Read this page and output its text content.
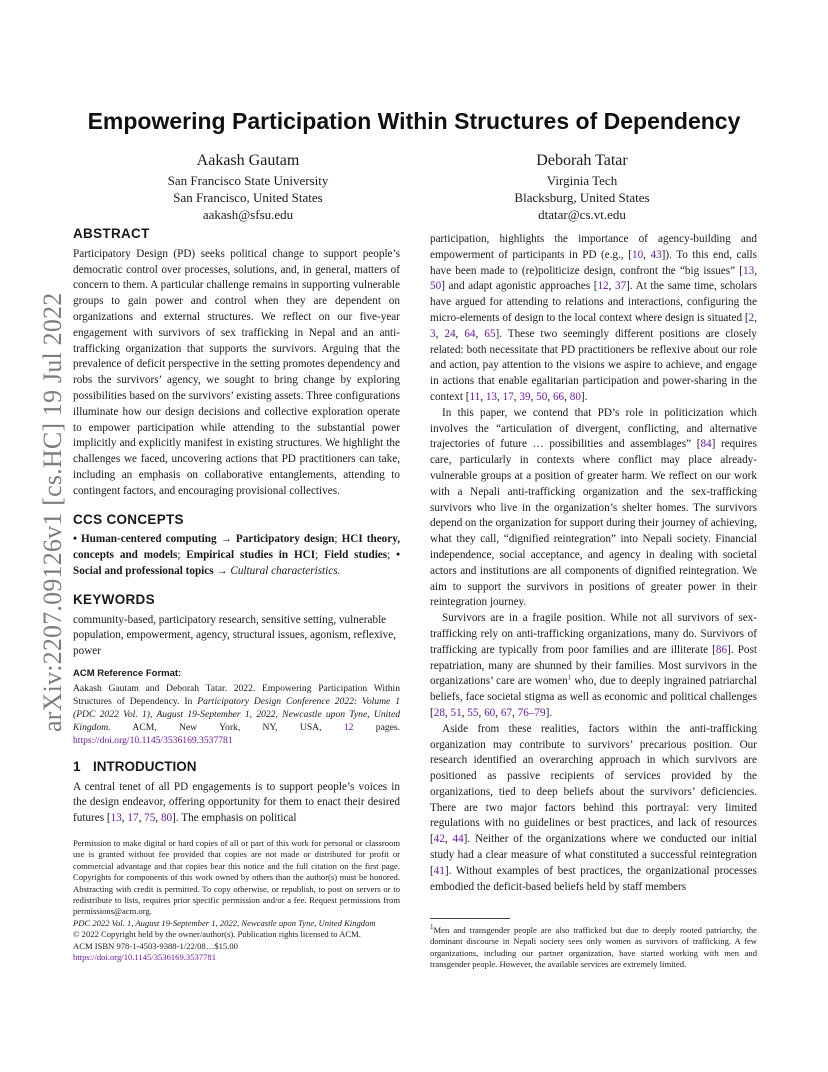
arXiv:2207.09126v1 [cs.HC] 19 Jul 2022
Empowering Participation Within Structures of Dependency
Aakash Gautam
San Francisco State University
San Francisco, United States
aakash@sfsu.edu
Deborah Tatar
Virginia Tech
Blacksburg, United States
dtatar@cs.vt.edu
ABSTRACT

Participatory Design (PD) seeks political change to support people’s democratic control over processes, solutions, and, in general, matters of concern to them. A particular challenge remains in supporting vulnerable groups to gain power and control when they are dependent on organizations and external structures. We reflect on our five-year engagement with survivors of sex trafficking in Nepal and an anti-trafficking organization that supports the survivors. Arguing that the prevalence of deficit perspective in the setting promotes dependency and robs the survivors’ agency, we sought to bring change by exploring possibilities based on the survivors’ existing assets. Three configurations illuminate how our design decisions and collective exploration operate to empower participation while attending to the substantial power implicitly and explicitly manifest in existing structures. We highlight the challenges we faced, uncovering actions that PD practitioners can take, including an emphasis on collaborative entanglements, attending to contingent factors, and encouraging provisional collectives.

CCS CONCEPTS

• Human-centered computing → Participatory design; HCI theory, concepts and models; Empirical studies in HCI; Field studies; • Social and professional topics → Cultural characteristics.

KEYWORDS

community-based, participatory research, sensitive setting, vulnerable population, empowerment, agency, structural issues, agonism, reflexive, power

ACM Reference Format:

Aakash Gautam and Deborah Tatar. 2022. Empowering Participation Within Structures of Dependency. In Participatory Design Conference 2022: Volume 1 (PDC 2022 Vol. 1), August 19-September 1, 2022, Newcastle upon Tyne, United Kingdom. ACM, New York, NY, USA, 12 pages. https://doi.org/10.1145/3536169.3537781

1 INTRODUCTION

A central tenet of all PD engagements is to support people’s voices in the design endeavor, offering opportunity for them to enact their desired futures [13, 17, 75, 80]. The emphasis on political

Permission to make digital or hard copies of all or part of this work for personal or classroom use is granted without fee provided that copies are not made or distributed for profit or commercial advantage and that copies bear this notice and the full citation on the first page. Copyrights for components of this work owned by others than the author(s) must be honored. Abstracting with credit is permitted. To copy otherwise, or republish, to post on servers or to redistribute to lists, requires prior specific permission and/or a fee. Request permissions from permissions@acm.org.

PDC 2022 Vol. 1, August 19-September 1, 2022, Newcastle upon Tyne, United Kingdom
© 2022 Copyright held by the owner/author(s). Publication rights licensed to ACM.
ACM ISBN 978-1-4503-9388-1/22/08…$15.00
https://doi.org/10.1145/3536169.3537781

participation, highlights the importance of agency-building and empowerment of participants in PD (e.g., [10, 43]). To this end, calls have been made to (re)politicize design, confront the “big issues” [13, 50] and adapt agonistic approaches [12, 37]. At the same time, scholars have argued for attending to relations and interactions, configuring the micro-elements of design to the local context where design is situated [2, 3, 24, 64, 65]. These two seemingly different positions are closely related: both necessitate that PD practitioners be reflexive about our role and action, pay attention to the visions we aspire to achieve, and engage in actions that enable egalitarian participation and power-sharing in the context [11, 13, 17, 39, 50, 66, 80].

In this paper, we contend that PD’s role in politicization which involves the “articulation of divergent, conflicting, and alternative trajectories of future … possibilities and assemblages” [84] requires care, particularly in contexts where conflict may place already-vulnerable groups at a position of greater harm. We reflect on our work with a Nepali anti-trafficking organization and the sex-trafficking survivors who live in the organization’s shelter homes. The survivors depend on the organization for support during their journey of achieving, what they call, “dignified reintegration” into Nepali society. Financial independence, social acceptance, and agency in dealing with societal actors and institutions are all components of dignified reintegration. We aim to support the survivors in positions of greater power in their reintegration journey.

Survivors are in a fragile position. While not all survivors of sex-trafficking rely on anti-trafficking organizations, many do. Survivors of trafficking are typically from poor families and are illiterate [86]. Post repatriation, many are shunned by their families. Most survivors in the organizations’ care are women$^1$ who, due to deeply ingrained patriarchal beliefs, face societal stigma as well as economic and political challenges [28, 51, 55, 60, 67, 76–79].

Aside from these realities, factors within the anti-trafficking organization may contribute to survivors’ precarious position. Our research identified an overarching approach in which survivors are positioned as passive recipients of services provided by the organizations, tied to deep beliefs about the survivors’ deficiencies. There are two major factors behind this portrayal: very limited regulations with no guidelines or best practices, and lack of resources [42, 44]. Neither of the organizations where we conducted our initial study had a clear measure of what constituted a successful reintegration [41]. Without examples of best practices, the organizational processes embodied the deficit-based beliefs held by staff members

$^1$Men and transgender people are also trafficked but due to deeply rooted patriarchy, the dominant discourse in Nepali society sees only women as survivors of trafficking. A few organizations, including our partner organization, have started working with men and transgender people. However, the available services are extremely limited.
